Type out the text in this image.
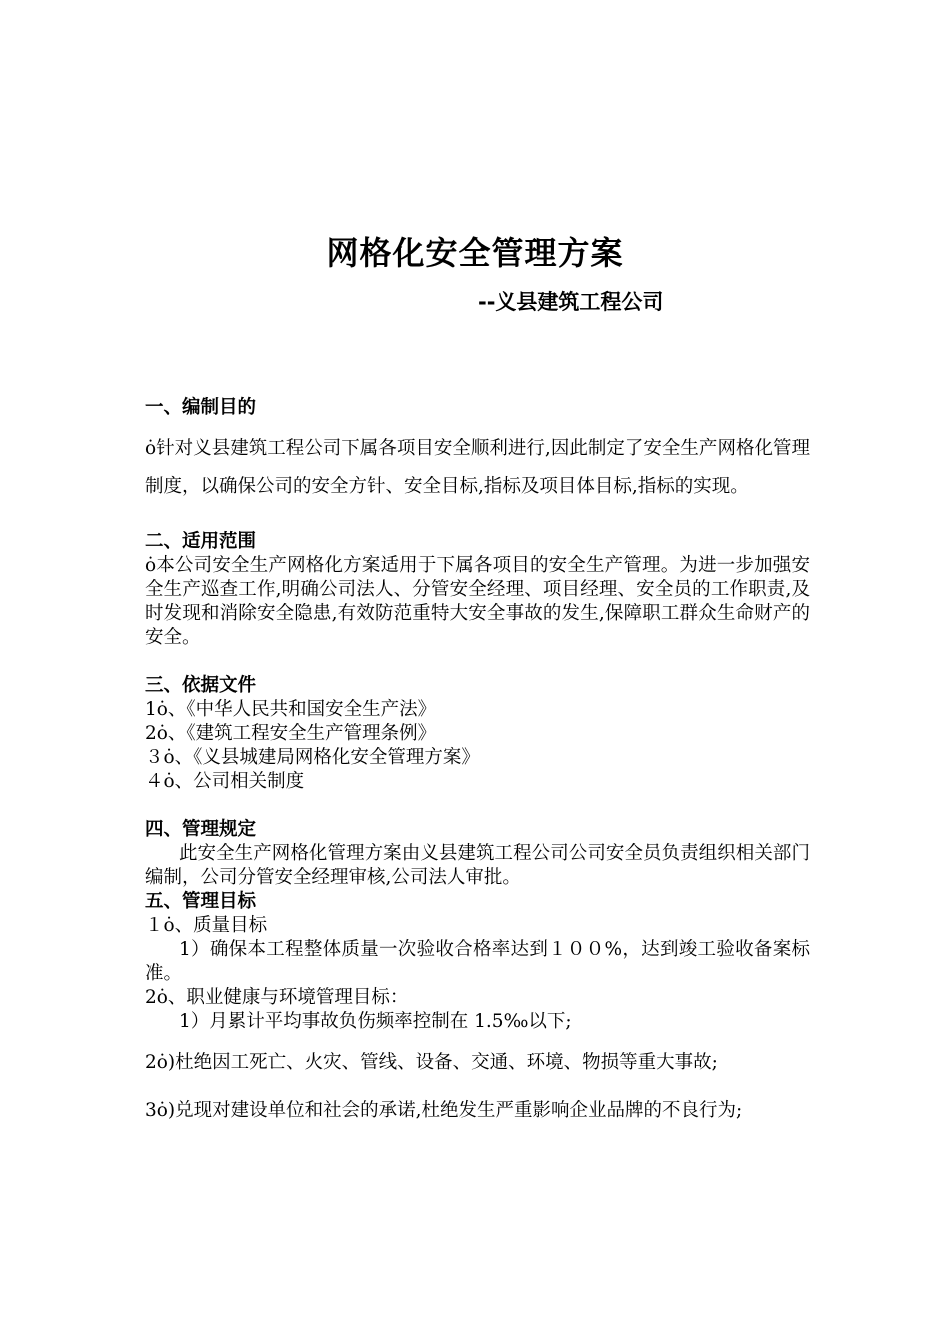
网格化安全管理方案
--义县建筑工程公司

一、编制目的

ȯ针对义县建筑工程公司下属各项目安全顺利进行,因此制定了安全生产网格化管理制度，以确保公司的安全方针、安全目标,指标及项目体目标,指标的实现。

二、适用范围

ȯ本公司安全生产网格化方案适用于下属各项目的安全生产管理。为进一步加强安全生产巡查工作,明确公司法人、分管安全经理、项目经理、安全员的工作职责,及时发现和消除安全隐患,有效防范重特大安全事故的发生,保障职工群众生命财产的安全。

三、依据文件

1ȯ、《中华人民共和国安全生产法》

2ȯ、《建筑工程安全生产管理条例》

３ȯ、《义县城建局网格化安全管理方案》

４ȯ、公司相关制度

四、管理规定

此安全生产网格化管理方案由义县建筑工程公司公司安全员负责组织相关部门编制，公司分管安全经理审核,公司法人审批。

五、管理目标

１ȯ、质量目标

1）确保本工程整体质量一次验收合格率达到１００%，达到竣工验收备案标准。

2ȯ、职业健康与环境管理目标：

1）月累计平均事故负伤频率控制在 1.5‰以下;

2ȯ)杜绝因工死亡、火灾、管线、设备、交通、环境、物损等重大事故;

3ȯ)兑现对建设单位和社会的承诺,杜绝发生严重影响企业品牌的不良行为;
